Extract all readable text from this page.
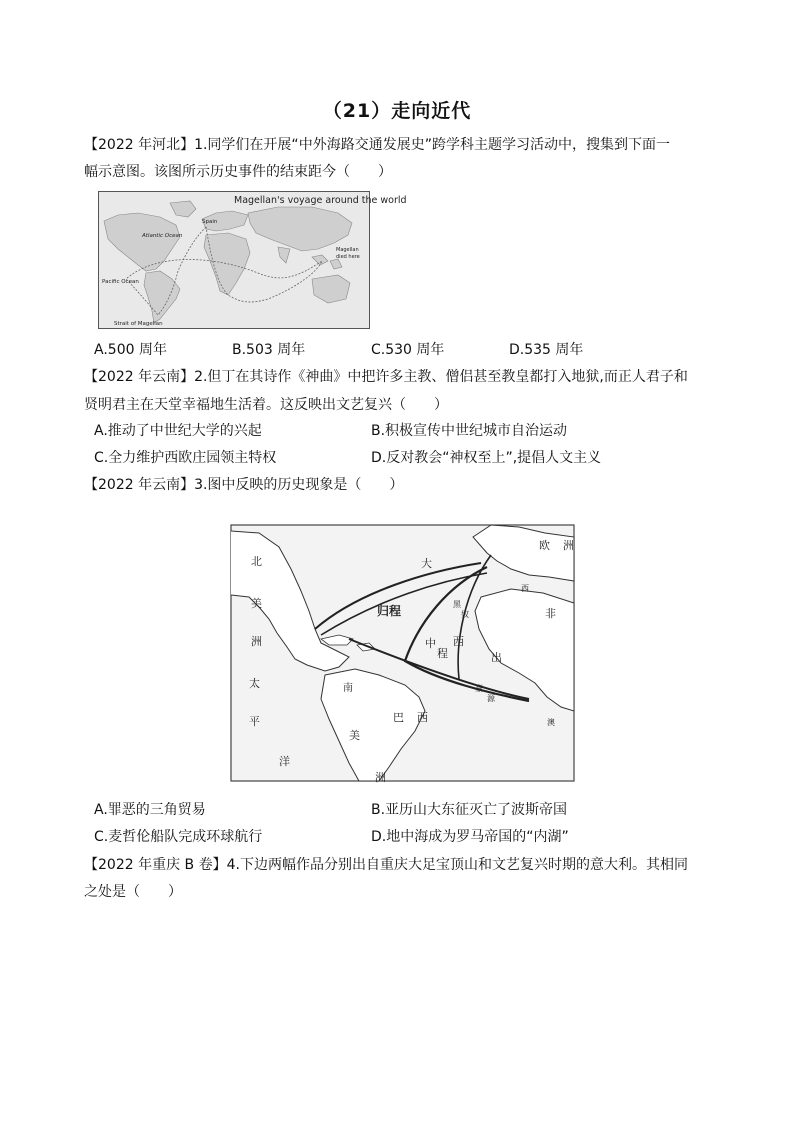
（21）走向近代
【2022 年河北】1.同学们在开展“中外海路交通发展史”跨学科主题学习活动中，搜集到下面一
幅示意图。该图所示历史事件的结束距今（　　）
Magellan's voyage around the world
Spain
Atlantic Ocean
Pacific Ocean
Strait of Magellan
Magellan
died here
A.500 周年	B.503 周年	C.530 周年	D.535 周年
【2022 年云南】2.但丁在其诗作《神曲》中把许多主教、僧侣甚至教皇都打入地狱,而正人君子和
贤明君主在天堂幸福地生活着。这反映出文艺复兴（　　）
A.推动了中世纪大学的兴起	B.积极宣传中世纪城市自治运动
C.全力维护西欧庄园领主特权	D.反对教会“神权至上”,提倡人文主义
【2022 年云南】3.图中反映的历史现象是（　　）
北
美
洲
大
欧 洲
归程
中
程
西
出
非
南
巴 西
美
洲
太
平
洋
黑
奴
西
豪
源
澳
A.罪恶的三角贸易	B.亚历山大东征灭亡了波斯帝国
C.麦哲伦船队完成环球航行	D.地中海成为罗马帝国的“内湖”
【2022 年重庆 B 卷】4.下边两幅作品分别出自重庆大足宝顶山和文艺复兴时期的意大利。其相同
之处是（　　）
